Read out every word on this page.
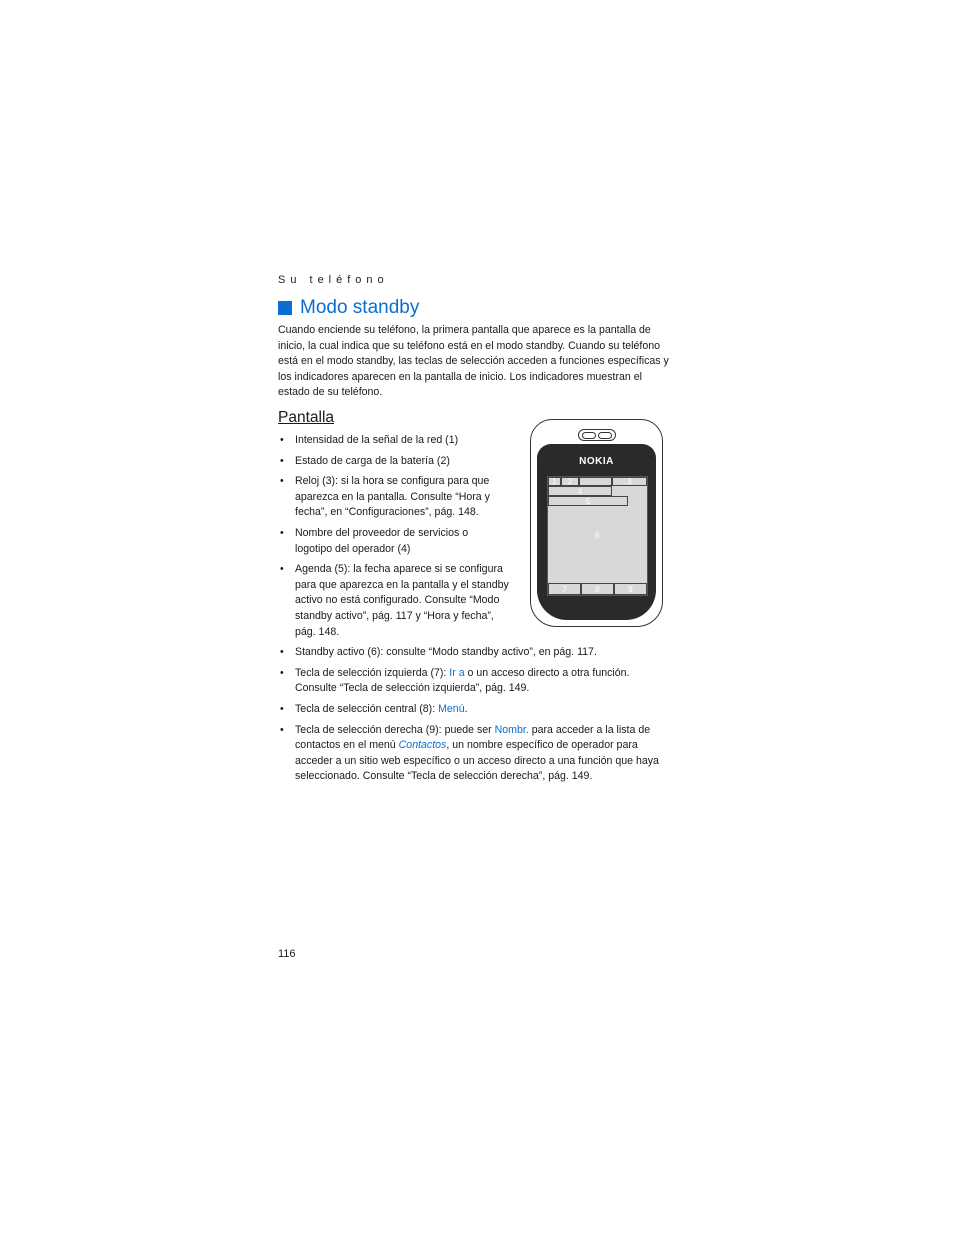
Su teléfono
Modo standby

Cuando enciende su teléfono, la primera pantalla que aparece es la pantalla de inicio, la cual indica que su teléfono está en el modo standby. Cuando su teléfono está en el modo standby, las teclas de selección acceden a funciones específicas y los indicadores aparecen en la pantalla de inicio. Los indicadores muestran el estado de su teléfono.

Pantalla
• Intensidad de la señal de la red (1)
• Estado de carga de la batería (2)
• Reloj (3): si la hora se configura para que aparezca en la pantalla. Consulte “Hora y fecha”, en “Configuraciones”, pág. 148.
• Nombre del proveedor de servicios o logotipo del operador (4)
• Agenda (5): la fecha aparece si se configura para que aparezca en la pantalla y el standby activo no está configurado. Consulte “Modo standby activo”, pág. 117 y “Hora y fecha”, pág. 148.
• Standby activo (6): consulte “Modo standby activo”, en pág. 117.
• Tecla de selección izquierda (7): Ir a o un acceso directo a otra función. Consulte “Tecla de selección izquierda”, pág. 149.
• Tecla de selección central (8): Menú.
• Tecla de selección derecha (9): puede ser Nombr. para acceder a la lista de contactos en el menú Contactos, un nombre específico de operador para acceder a un sitio web específico o un acceso directo a una función que haya seleccionado. Consulte “Tecla de selección derecha”, pág. 149.
NOKIA
1 2	3
4
5
6
7	8	9
116
